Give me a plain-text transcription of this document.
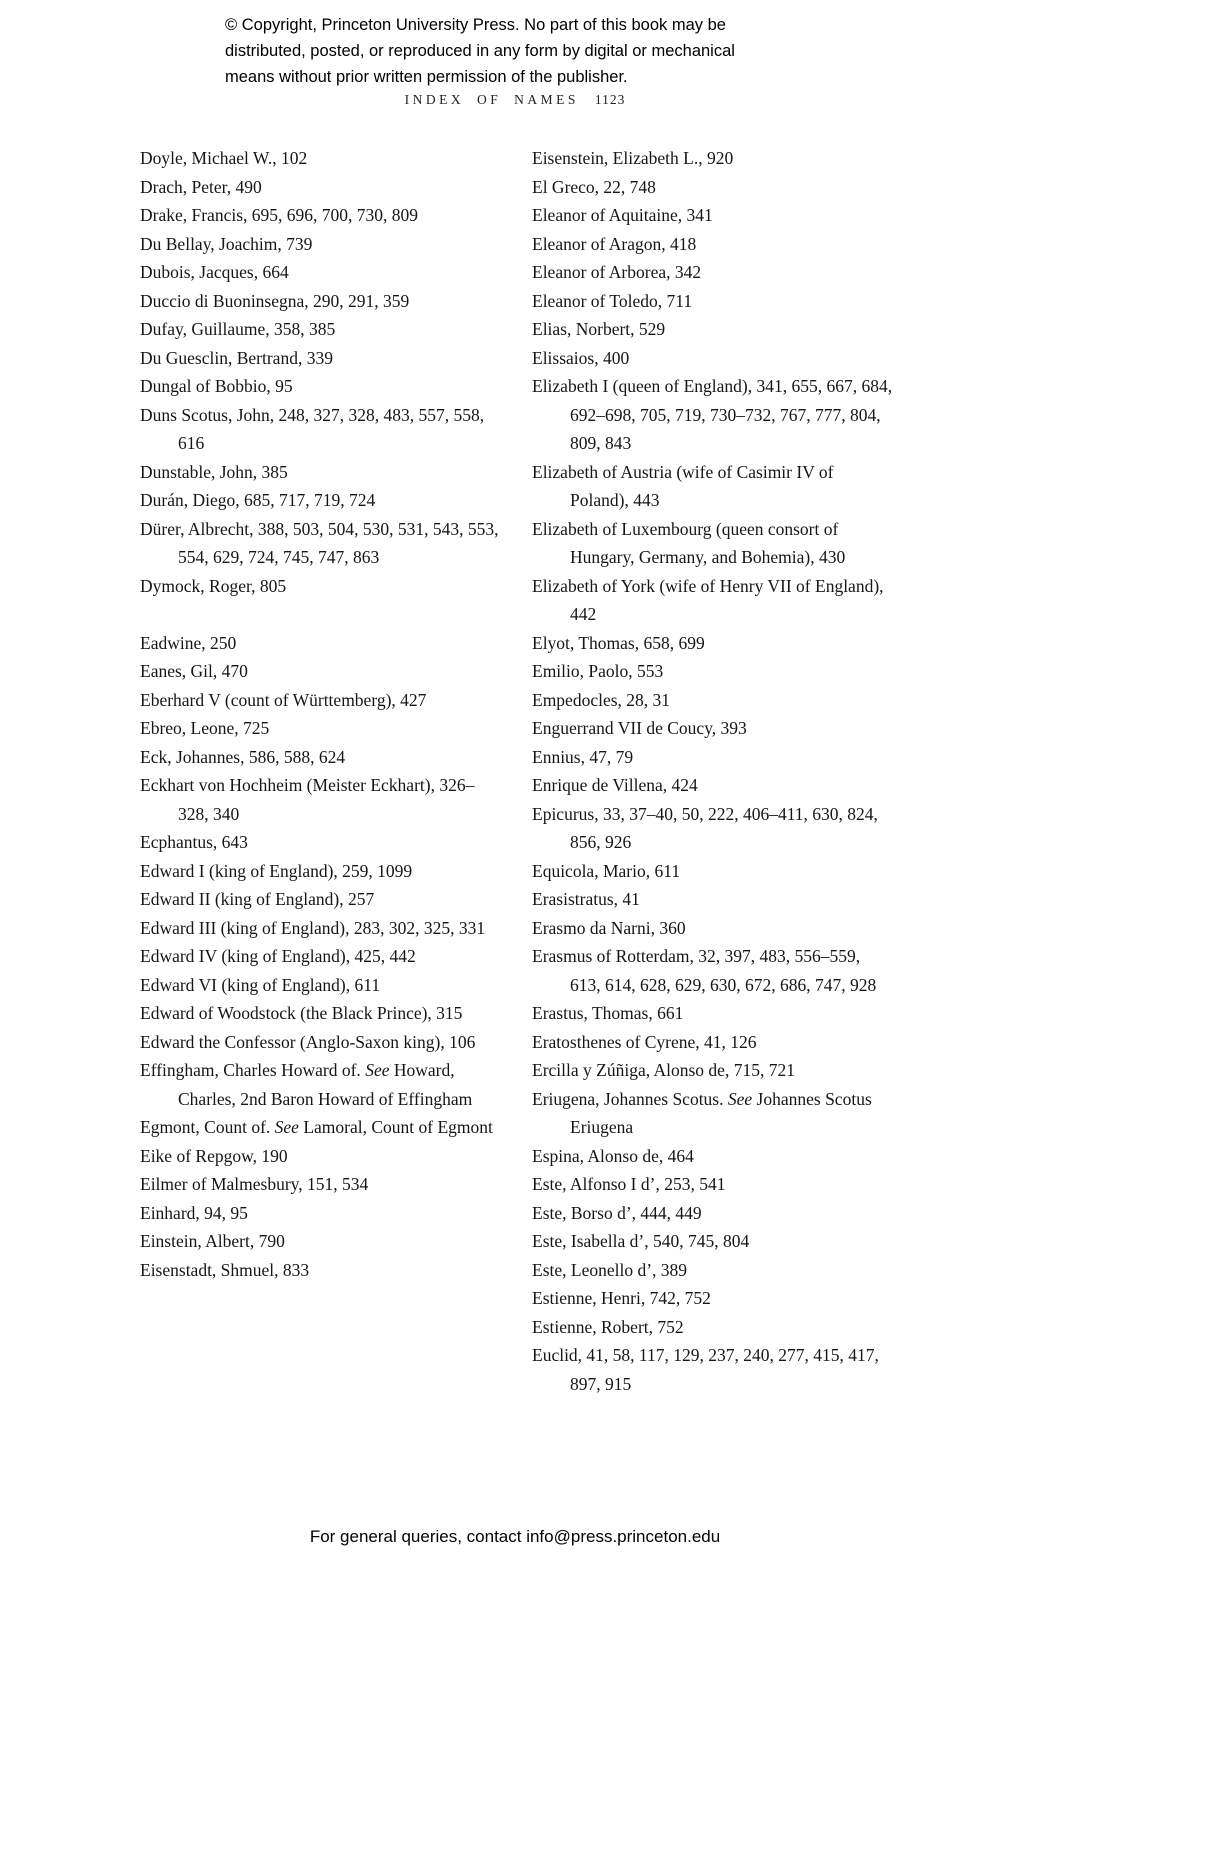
© Copyright, Princeton University Press. No part of this book may be
distributed, posted, or reproduced in any form by digital or mechanical
means without prior written permission of the publisher.
INDEX OF NAMES 1123
Doyle, Michael W., 102
Drach, Peter, 490
Drake, Francis, 695, 696, 700, 730, 809
Du Bellay, Joachim, 739
Dubois, Jacques, 664
Duccio di Buoninsegna, 290, 291, 359
Dufay, Guillaume, 358, 385
Du Guesclin, Bertrand, 339
Dungal of Bobbio, 95
Duns Scotus, John, 248, 327, 328, 483, 557, 558, 616
Dunstable, John, 385
Durán, Diego, 685, 717, 719, 724
Dürer, Albrecht, 388, 503, 504, 530, 531, 543, 553, 554, 629, 724, 745, 747, 863
Dymock, Roger, 805
Eadwine, 250
Eanes, Gil, 470
Eberhard V (count of Württemberg), 427
Ebreo, Leone, 725
Eck, Johannes, 586, 588, 624
Eckhart von Hochheim (Meister Eckhart), 326–328, 340
Ecphantus, 643
Edward I (king of England), 259, 1099
Edward II (king of England), 257
Edward III (king of England), 283, 302, 325, 331
Edward IV (king of England), 425, 442
Edward VI (king of England), 611
Edward of Woodstock (the Black Prince), 315
Edward the Confessor (Anglo-Saxon king), 106
Effingham, Charles Howard of. See Howard, Charles, 2nd Baron Howard of Effingham
Egmont, Count of. See Lamoral, Count of Egmont
Eike of Repgow, 190
Eilmer of Malmesbury, 151, 534
Einhard, 94, 95
Einstein, Albert, 790
Eisenstadt, Shmuel, 833
Eisenstein, Elizabeth L., 920
El Greco, 22, 748
Eleanor of Aquitaine, 341
Eleanor of Aragon, 418
Eleanor of Arborea, 342
Eleanor of Toledo, 711
Elias, Norbert, 529
Elissaios, 400
Elizabeth I (queen of England), 341, 655, 667, 684, 692–698, 705, 719, 730–732, 767, 777, 804, 809, 843
Elizabeth of Austria (wife of Casimir IV of Poland), 443
Elizabeth of Luxembourg (queen consort of Hungary, Germany, and Bohemia), 430
Elizabeth of York (wife of Henry VII of England), 442
Elyot, Thomas, 658, 699
Emilio, Paolo, 553
Empedocles, 28, 31
Enguerrand VII de Coucy, 393
Ennius, 47, 79
Enrique de Villena, 424
Epicurus, 33, 37–40, 50, 222, 406–411, 630, 824, 856, 926
Equicola, Mario, 611
Erasistratus, 41
Erasmo da Narni, 360
Erasmus of Rotterdam, 32, 397, 483, 556–559, 613, 614, 628, 629, 630, 672, 686, 747, 928
Erastus, Thomas, 661
Eratosthenes of Cyrene, 41, 126
Ercilla y Zúñiga, Alonso de, 715, 721
Eriugena, Johannes Scotus. See Johannes Scotus Eriugena
Espina, Alonso de, 464
Este, Alfonso I d’, 253, 541
Este, Borso d’, 444, 449
Este, Isabella d’, 540, 745, 804
Este, Leonello d’, 389
Estienne, Henri, 742, 752
Estienne, Robert, 752
Euclid, 41, 58, 117, 129, 237, 240, 277, 415, 417, 897, 915
For general queries, contact info@press.princeton.edu
